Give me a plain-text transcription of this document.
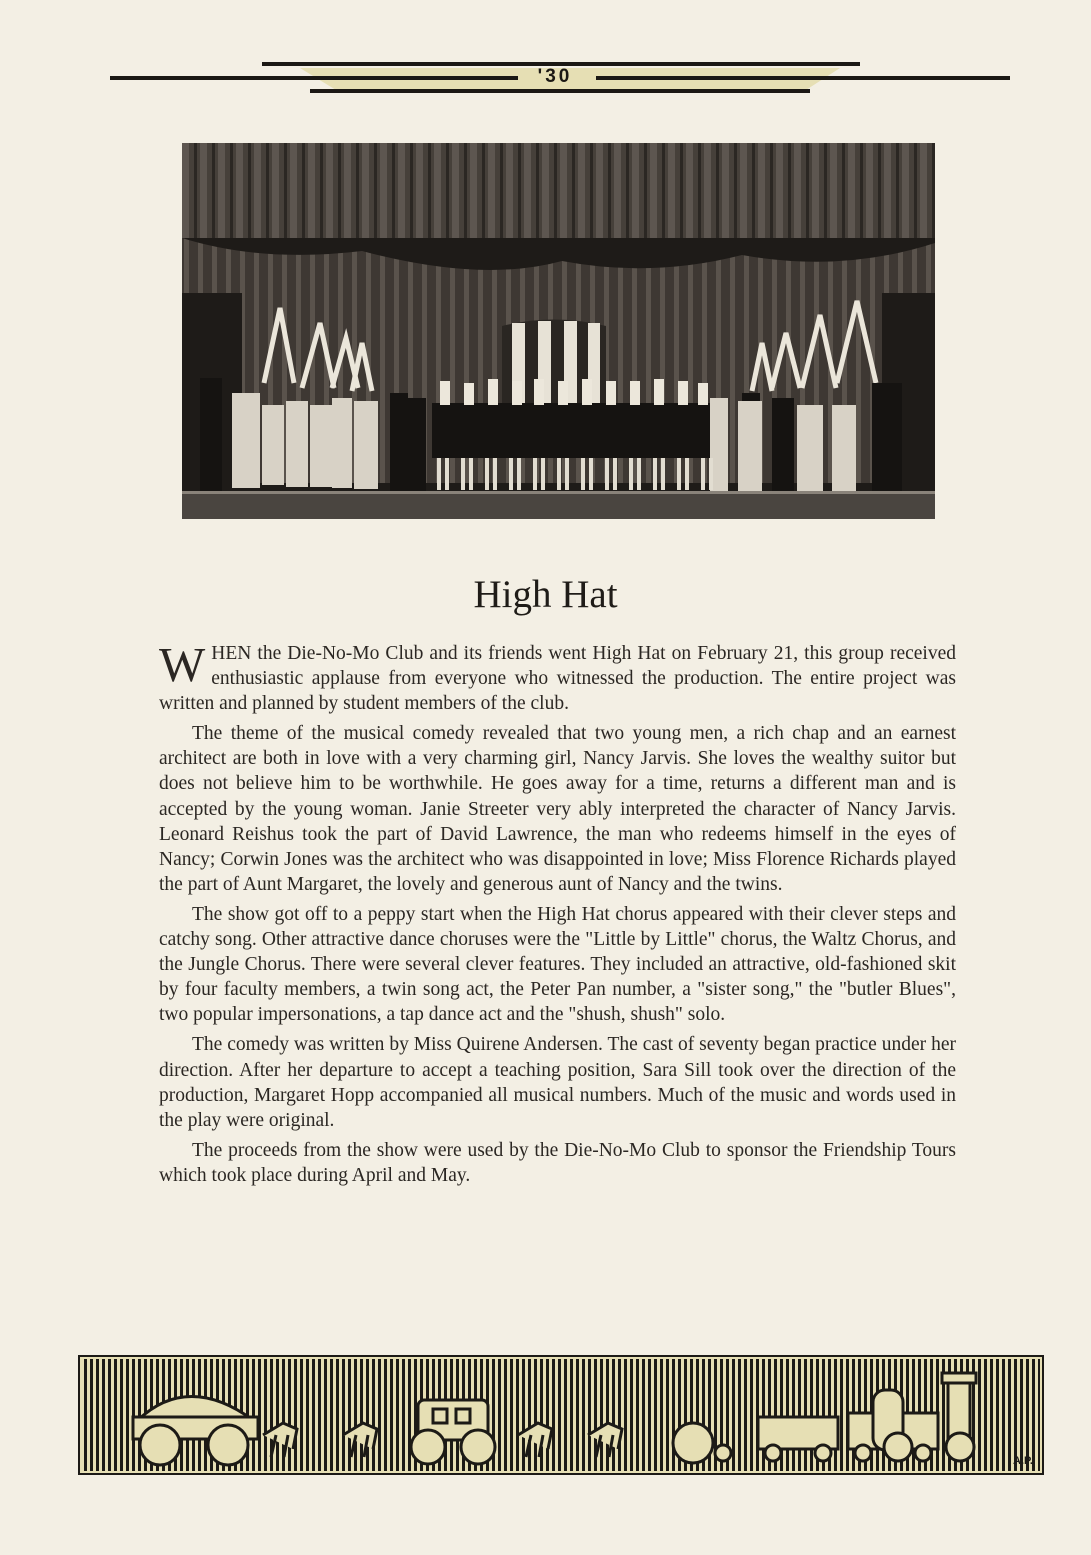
'30
High Hat

WHEN the Die-No-Mo Club and its friends went High Hat on February 21, this group received enthusiastic applause from everyone who witnessed the production. The entire project was written and planned by student members of the club.

The theme of the musical comedy revealed that two young men, a rich chap and an earnest architect are both in love with a very charming girl, Nancy Jarvis. She loves the wealthy suitor but does not believe him to be worthwhile. He goes away for a time, returns a different man and is accepted by the young woman. Janie Streeter very ably interpreted the character of Nancy Jarvis. Leonard Reishus took the part of David Lawrence, the man who redeems himself in the eyes of Nancy; Corwin Jones was the architect who was disappointed in love; Miss Florence Richards played the part of Aunt Margaret, the lovely and generous aunt of Nancy and the twins.

The show got off to a peppy start when the High Hat chorus appeared with their clever steps and catchy song. Other attractive dance choruses were the "Little by Little" chorus, the Waltz Chorus, and the Jungle Chorus. There were several clever features. They included an attractive, old-fashioned skit by four faculty members, a twin song act, the Peter Pan number, a "sister song," the "butler Blues", two popular impersonations, a tap dance act and the "shush, shush" solo.

The comedy was written by Miss Quirene Andersen. The cast of seventy began practice under her direction. After her departure to accept a teaching position, Sara Sill took over the direction of the production, Margaret Hopp accompanied all musical numbers. Much of the music and words used in the play were original.

The proceeds from the show were used by the Die-No-Mo Club to sponsor the Friendship Tours which took place during April and May.

A.P.
